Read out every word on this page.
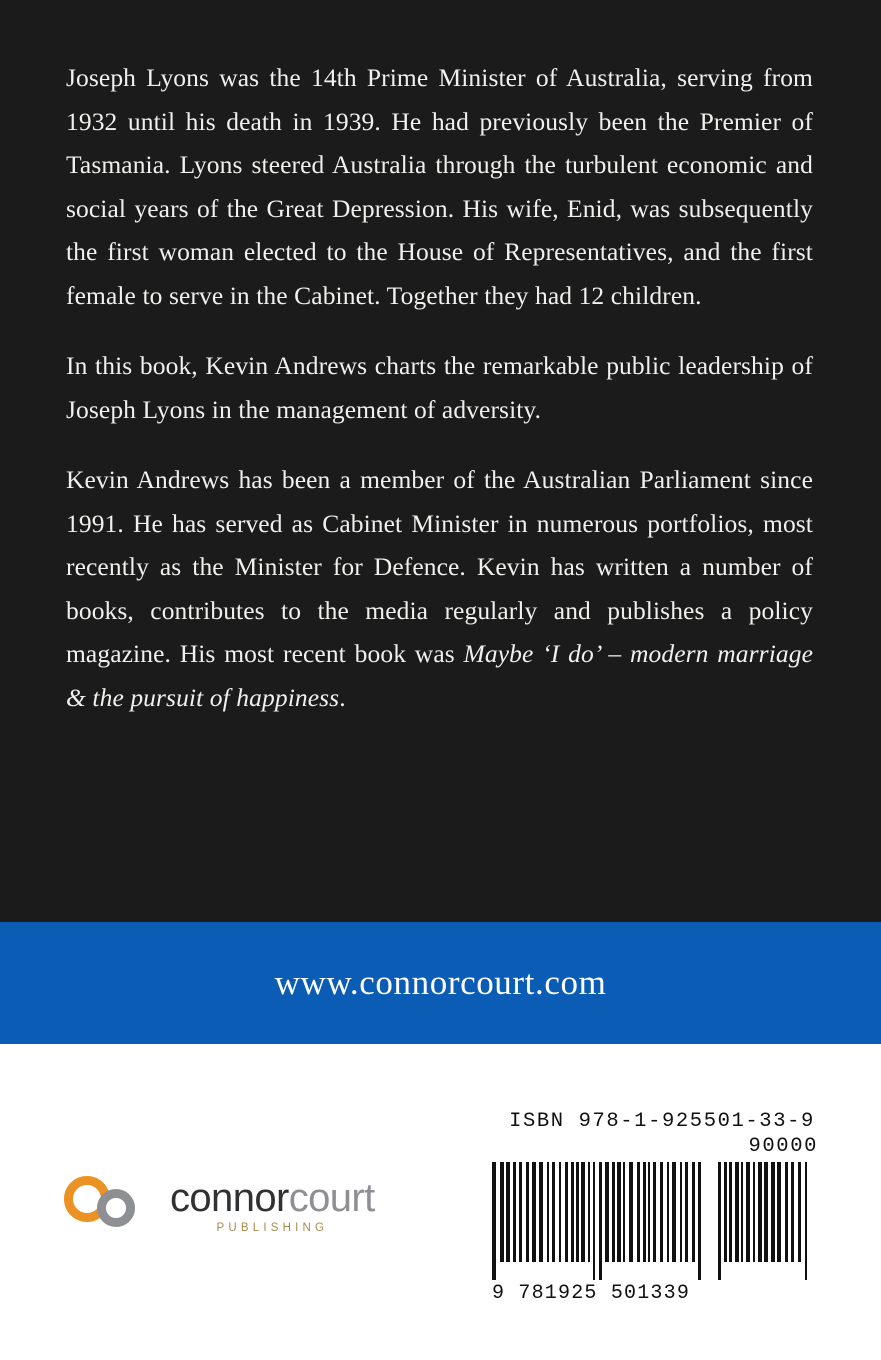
Joseph Lyons was the 14th Prime Minister of Australia, serving from 1932 until his death in 1939. He had previously been the Premier of Tasmania. Lyons steered Australia through the turbulent economic and social years of the Great Depression. His wife, Enid, was subsequently the first woman elected to the House of Representatives, and the first female to serve in the Cabinet. Together they had 12 children.

In this book, Kevin Andrews charts the remarkable public leadership of Joseph Lyons in the management of adversity.

Kevin Andrews has been a member of the Australian Parliament since 1991. He has served as Cabinet Minister in numerous portfolios, most recently as the Minister for Defence. Kevin has written a number of books, contributes to the media regularly and publishes a policy magazine. His most recent book was Maybe ‘I do’ – modern marriage & the pursuit of happiness.

www.connorcourt.com
connorcourt
PUBLISHING
ISBN 978-1-925501-33-9
90000
9 781925 501339
